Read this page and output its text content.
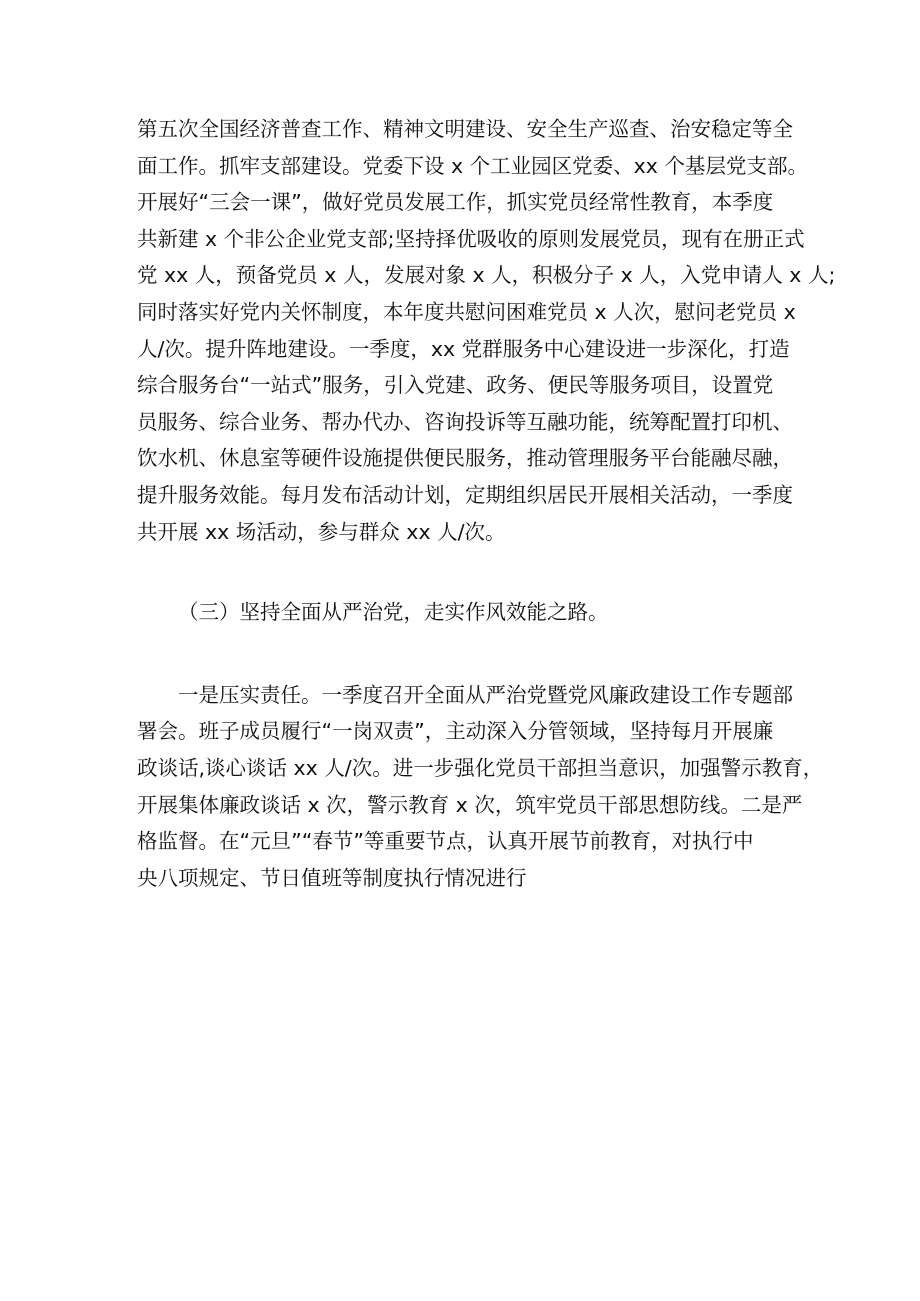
第五次全国经济普查工作、精神文明建设、安全生产巡查、治安稳定等全
面工作。抓牢支部建设。党委下设 x 个工业园区党委、xx 个基层党支部。
开展好“三会一课”，做好党员发展工作，抓实党员经常性教育，本季度
共新建 x 个非公企业党支部;坚持择优吸收的原则发展党员，现有在册正式
党 xx 人，预备党员 x 人，发展对象 x 人，积极分子 x 人，入党申请人 x 人;
同时落实好党内关怀制度，本年度共慰问困难党员 x 人次，慰问老党员 x
人/次。提升阵地建设。一季度，xx 党群服务中心建设进一步深化，打造
综合服务台“一站式”服务，引入党建、政务、便民等服务项目，设置党
员服务、综合业务、帮办代办、咨询投诉等互融功能，统筹配置打印机、
饮水机、休息室等硬件设施提供便民服务，推动管理服务平台能融尽融，
提升服务效能。每月发布活动计划，定期组织居民开展相关活动，一季度
共开展 xx 场活动，参与群众 xx 人/次。

（三）坚持全面从严治党，走实作风效能之路。

一是压实责任。一季度召开全面从严治党暨党风廉政建设工作专题部
署会。班子成员履行“一岗双责”，主动深入分管领域，坚持每月开展廉
政谈话,谈心谈话 xx 人/次。进一步强化党员干部担当意识，加强警示教育，
开展集体廉政谈话 x 次，警示教育 x 次，筑牢党员干部思想防线。二是严
格监督。在“元旦”“春节”等重要节点，认真开展节前教育，对执行中
央八项规定、节日值班等制度执行情况进行
